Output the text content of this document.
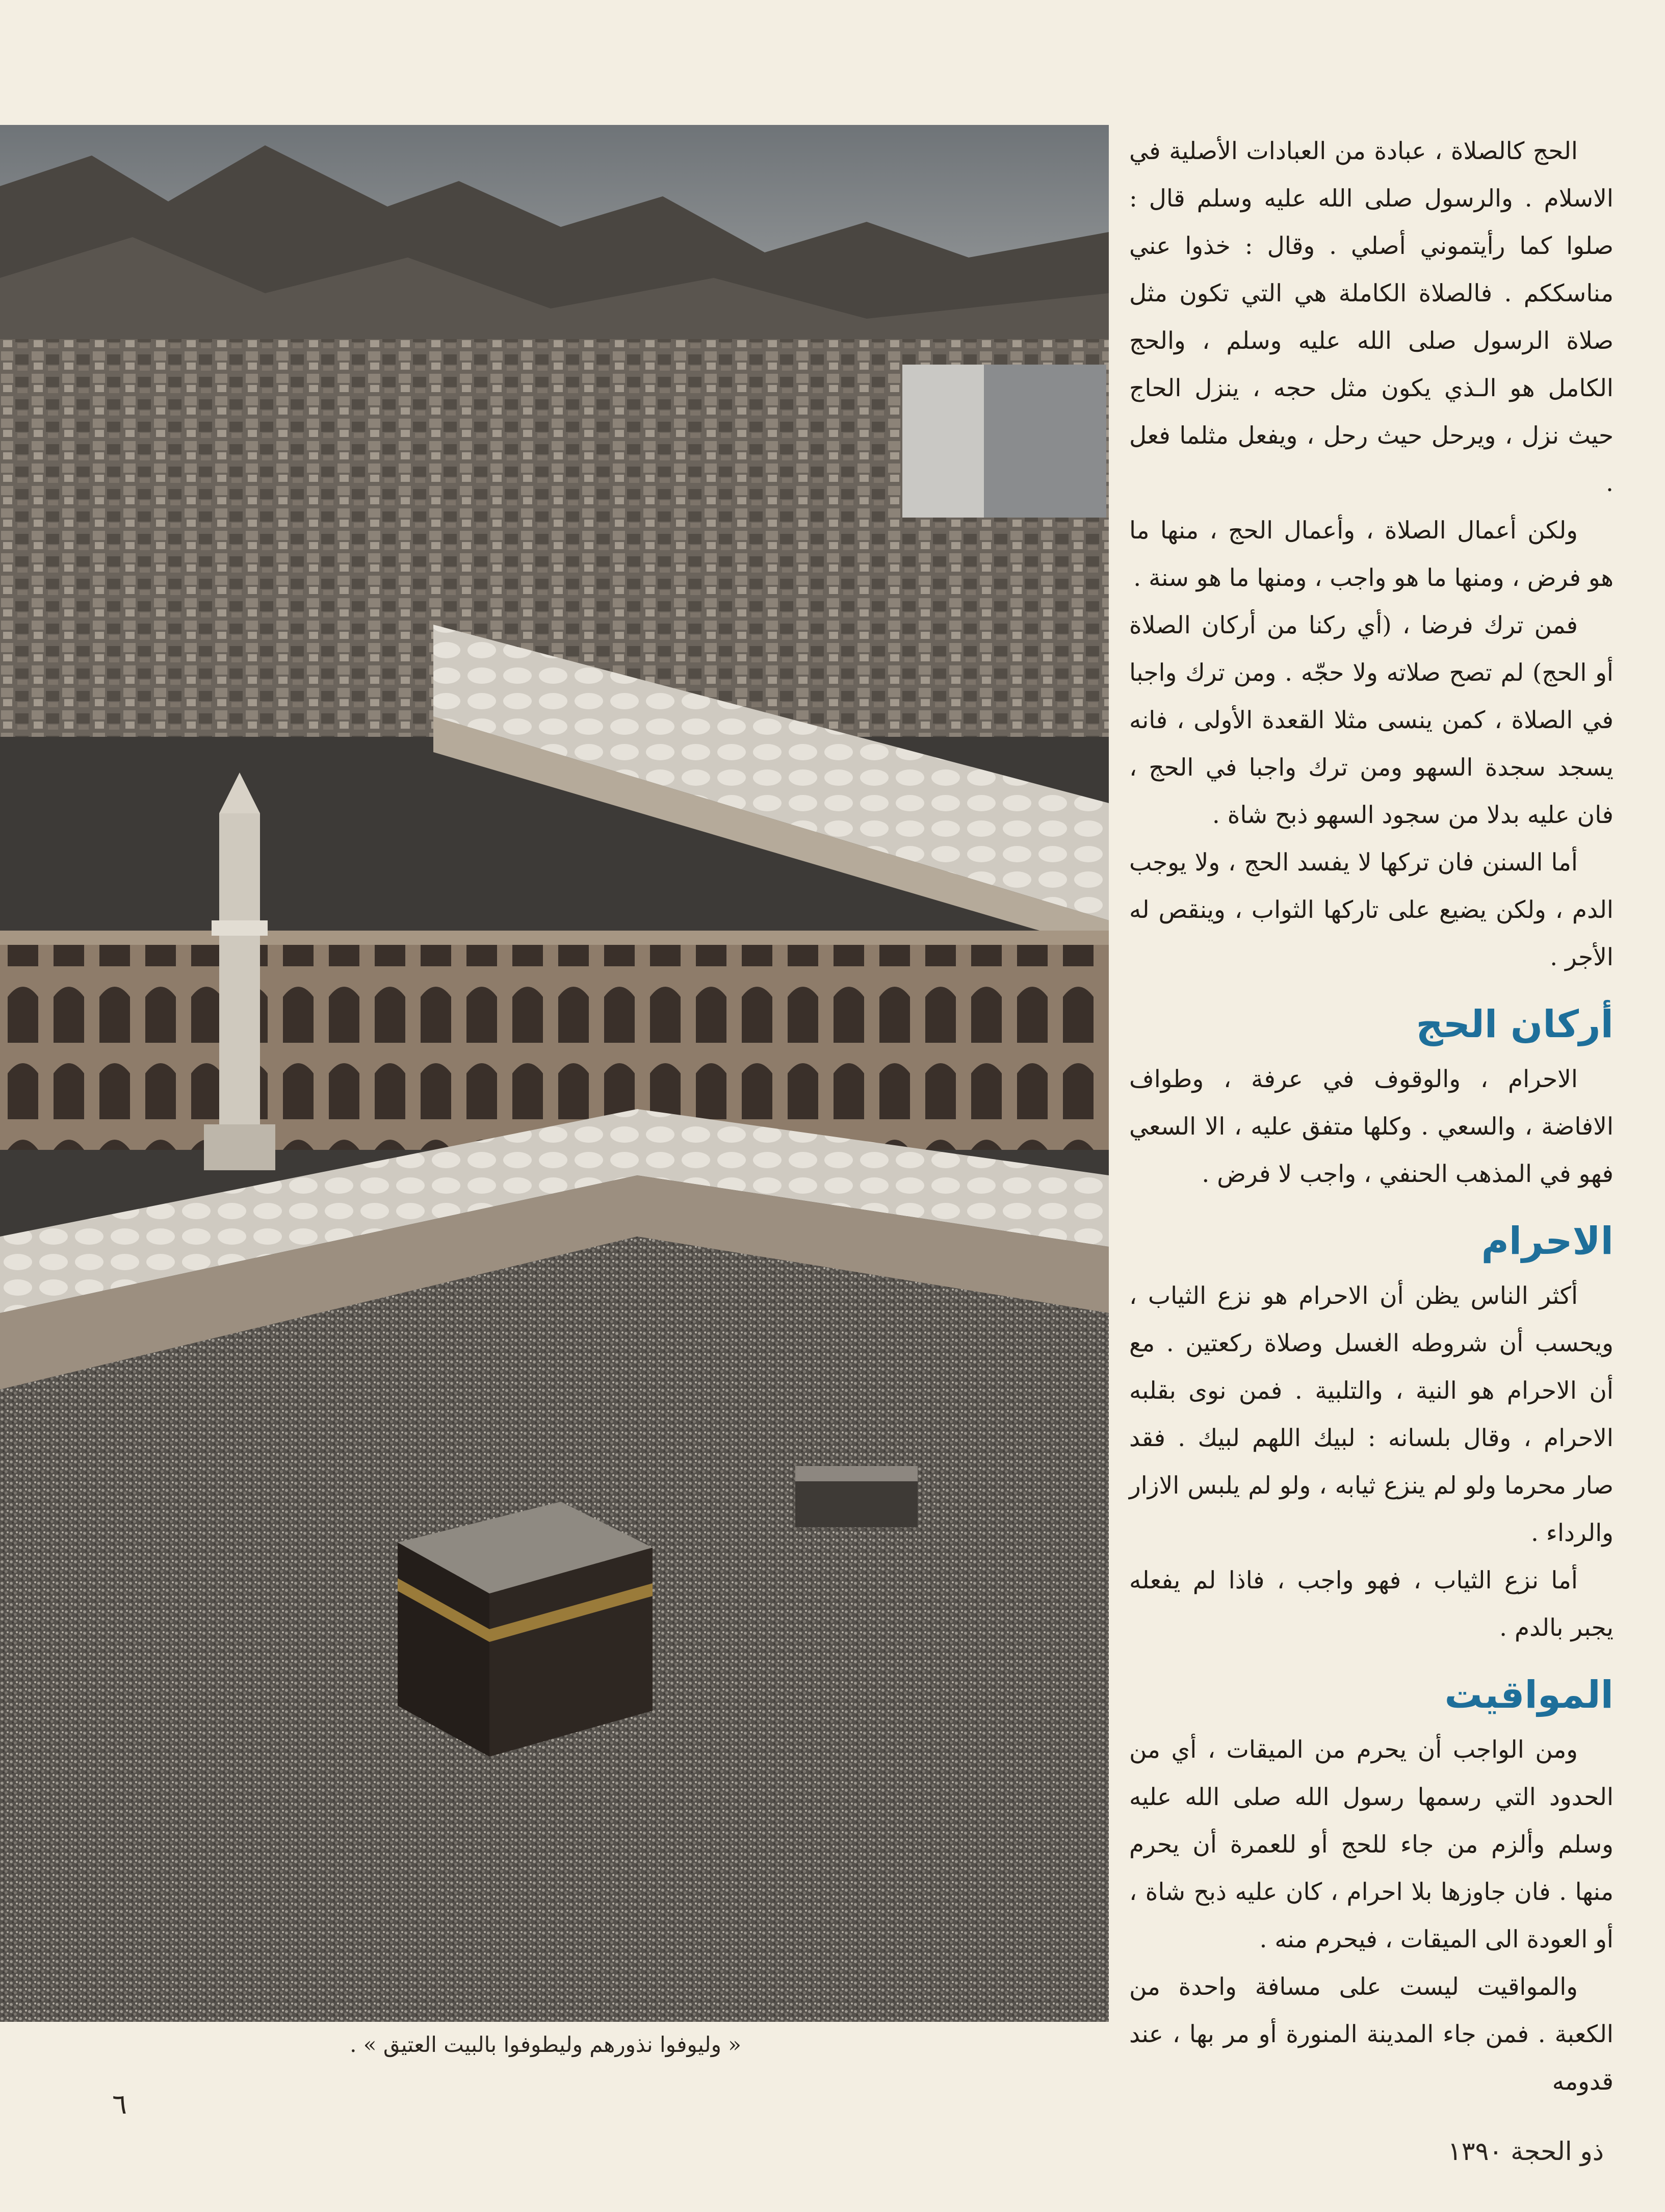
« وليوفوا نذورهم وليطوفوا بالبيت العتيق » .
٦
ذو الحجة ١٣٩٠

الحج كالصلاة ، عبادة من العبادات الأصلية في الاسلام . والرسول صلى الله عليه وسلم قال : صلوا كما رأيتموني أصلي . وقال : خذوا عني مناسككم . فالصلاة الكاملة هي التي تكون مثل صلاة الرسول صلى الله عليه وسلم ، والحج الكامل هو الـذي يكون مثل حجه ، ينزل الحاج حيث نزل ، ويرحل حيث رحل ، ويفعل مثلما فعل .

ولكن أعمال الصلاة ، وأعمال الحج ، منها ما هو فرض ، ومنها ما هو واجب ، ومنها ما هو سنة .

فمن ترك فرضا ، (أي ركنا من أركان الصلاة أو الحج) لم تصح صلاته ولا حجّه . ومن ترك واجبا في الصلاة ، كمن ينسى مثلا القعدة الأولى ، فانه يسجد سجدة السهو ومن ترك واجبا في الحج ، فان عليه بدلا من سجود السهو ذبح شاة .

أما السنن فان تركها لا يفسد الحج ، ولا يوجب الدم ، ولكن يضيع على تاركها الثواب ، وينقص له الأجر .

أركان الحج

الاحرام ، والوقوف في عرفة ، وطواف الافاضة ، والسعي . وكلها متفق عليه ، الا السعي فهو في المذهب الحنفي ، واجب لا فرض .

الاحرام

أكثر الناس يظن أن الاحرام هو نزع الثياب ، ويحسب أن شروطه الغسل وصلاة ركعتين . مع أن الاحرام هو النية ، والتلبية . فمن نوى بقلبه الاحرام ، وقال بلسانه : لبيك اللهم لبيك . فقد صار محرما ولو لم ينزع ثيابه ، ولو لم يلبس الازار والرداء .

أما نزع الثياب ، فهو واجب ، فاذا لم يفعله يجبر بالدم .

المواقيت

ومن الواجب أن يحرم من الميقات ، أي من الحدود التي رسمها رسول الله صلى الله عليه وسلم وألزم من جاء للحج أو للعمرة أن يحرم منها . فان جاوزها بلا احرام ، كان عليه ذبح شاة ، أو العودة الى الميقات ، فيحرم منه .

والمواقيت ليست على مسافة واحدة من الكعبة . فمن جاء المدينة المنورة أو مر بها ، عند قدومه
